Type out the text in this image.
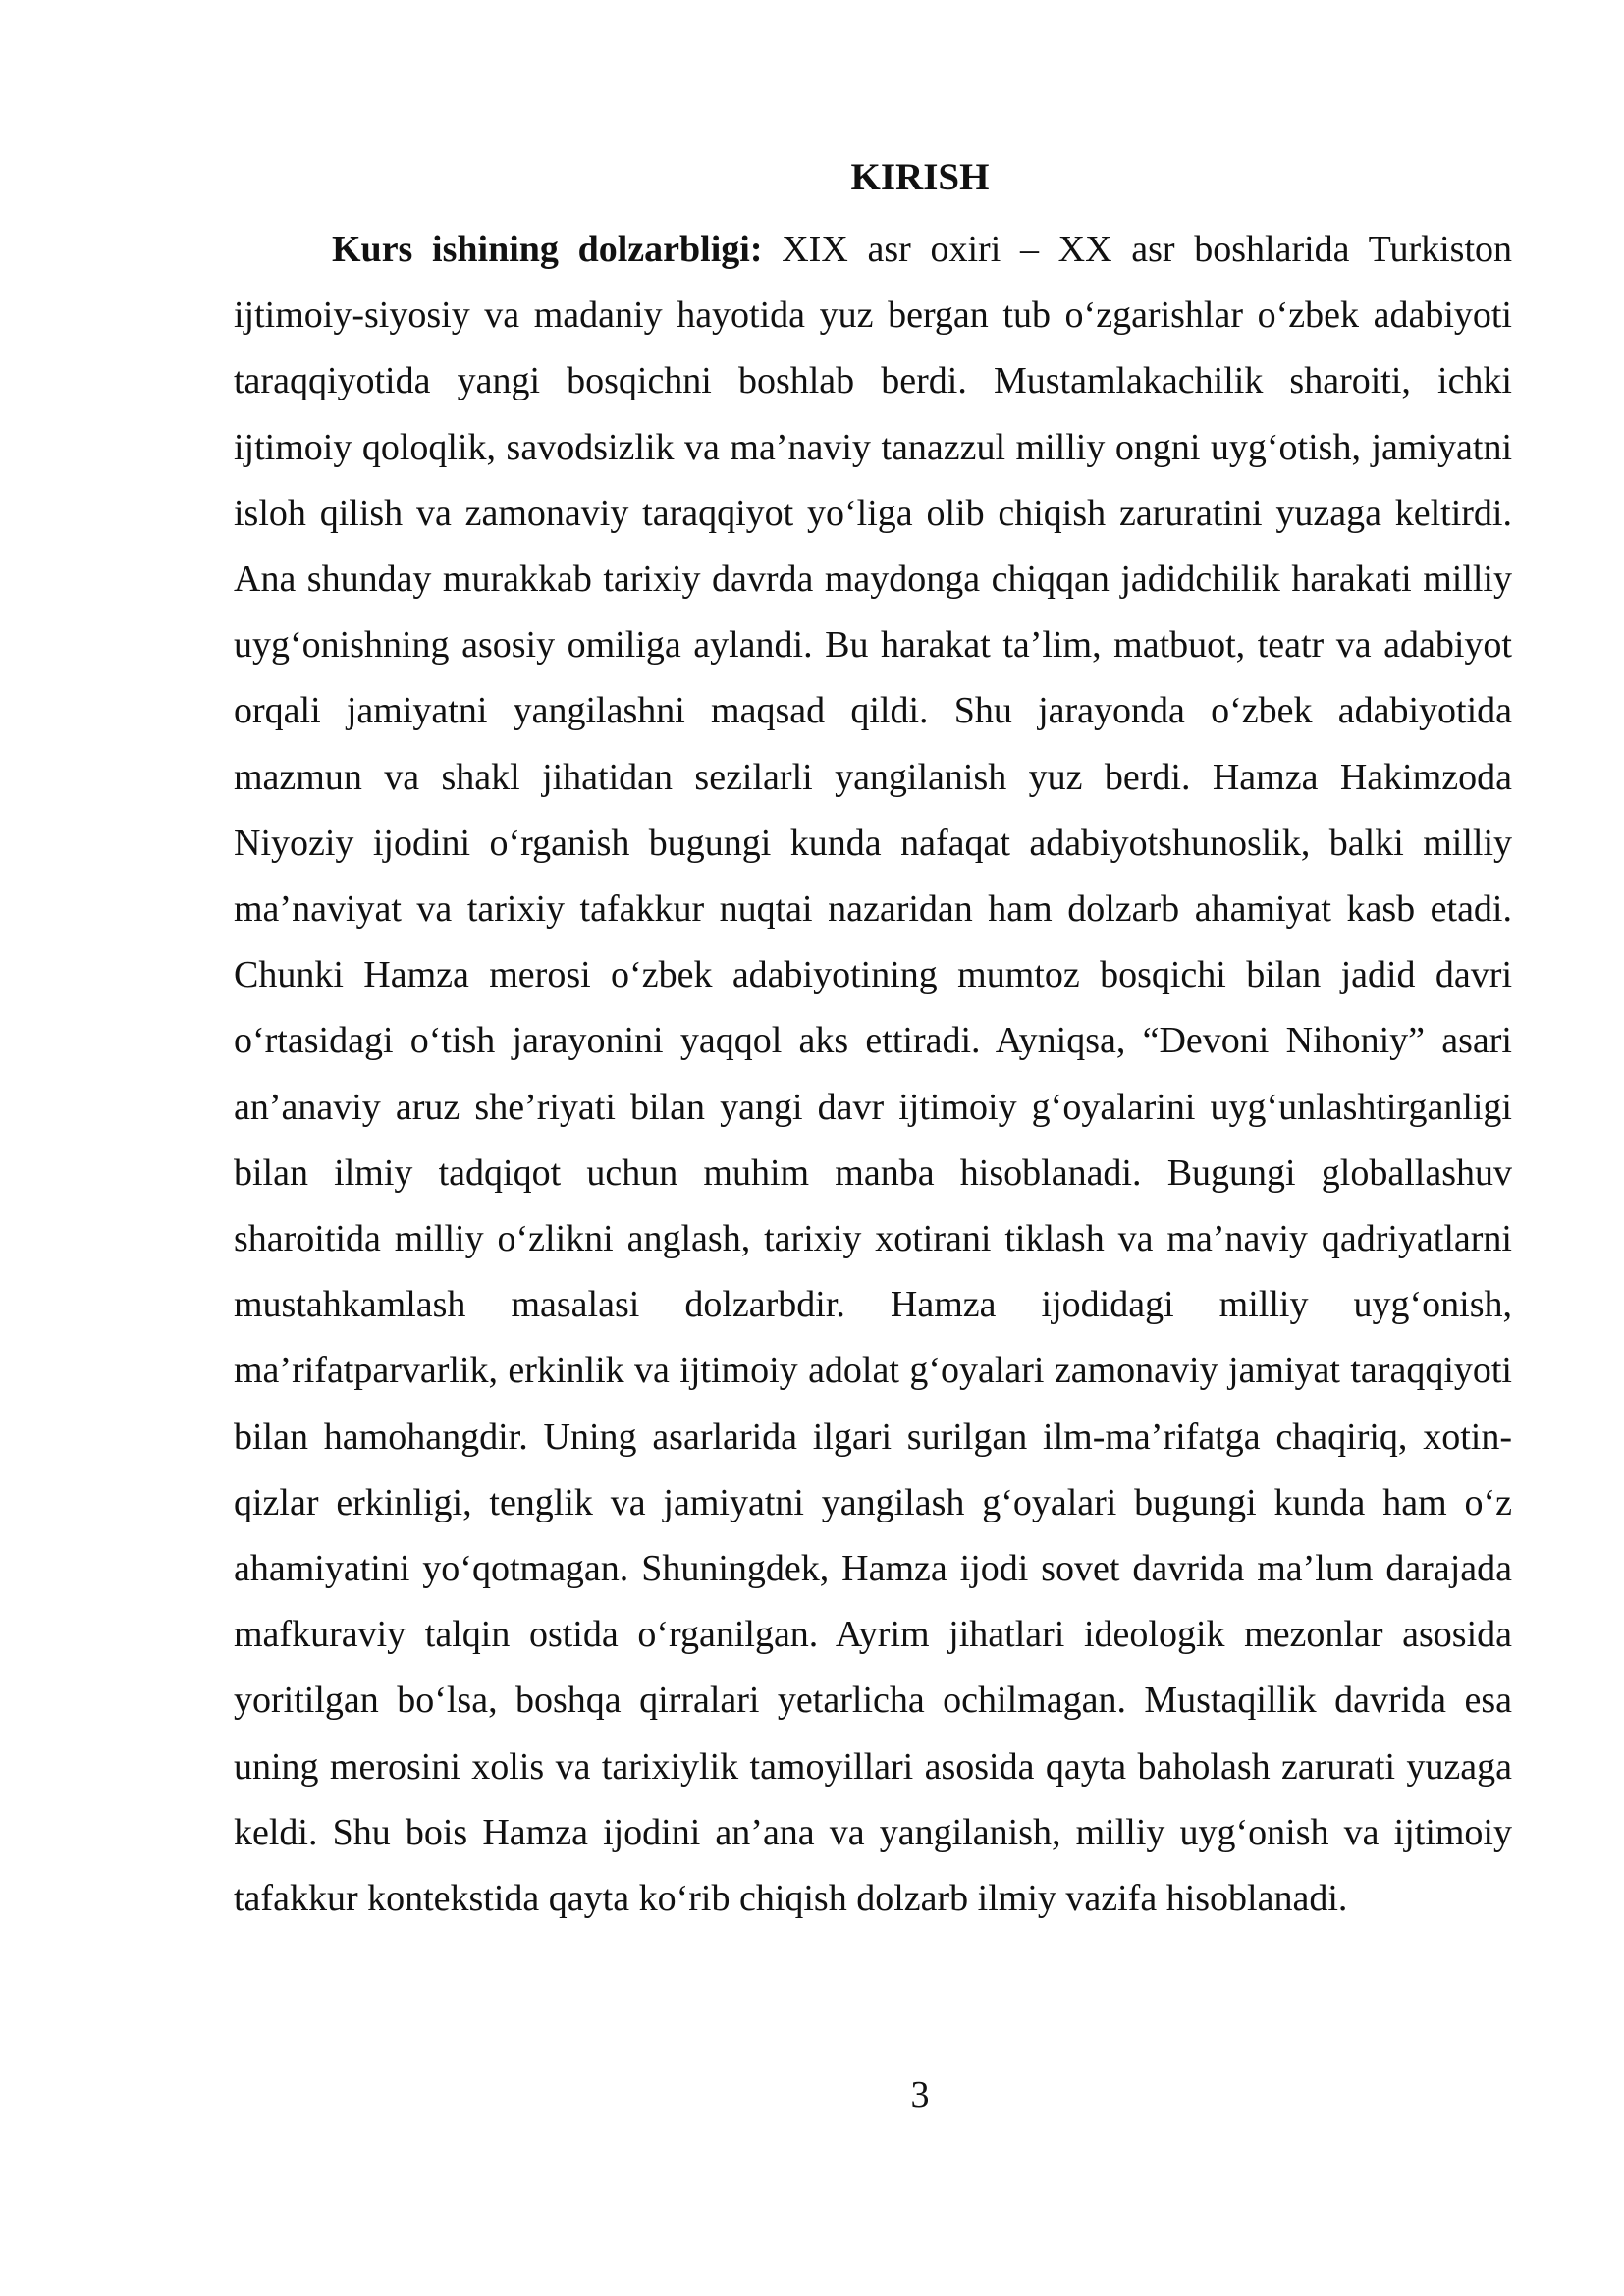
KIRISH

Kurs ishining dolzarbligi: XIX asr oxiri – XX asr boshlarida Turkiston ijtimoiy-siyosiy va madaniy hayotida yuz bergan tub o‘zgarishlar o‘zbek adabiyoti taraqqiyotida yangi bosqichni boshlab berdi. Mustamlakachilik sharoiti, ichki ijtimoiy qoloqlik, savodsizlik va ma’naviy tanazzul milliy ongni uyg‘otish, jamiyatni isloh qilish va zamonaviy taraqqiyot yo‘liga olib chiqish zaruratini yuzaga keltirdi. Ana shunday murakkab tarixiy davrda maydonga chiqqan jadidchilik harakati milliy uyg‘onishning asosiy omiliga aylandi. Bu harakat ta’lim, matbuot, teatr va adabiyot orqali jamiyatni yangilashni maqsad qildi. Shu jarayonda o‘zbek adabiyotida mazmun va shakl jihatidan sezilarli yangilanish yuz berdi. Hamza Hakimzoda Niyoziy ijodini o‘rganish bugungi kunda nafaqat adabiyotshunoslik, balki milliy ma’naviyat va tarixiy tafakkur nuqtai nazaridan ham dolzarb ahamiyat kasb etadi. Chunki Hamza merosi o‘zbek adabiyotining mumtoz bosqichi bilan jadid davri o‘rtasidagi o‘tish jarayonini yaqqol aks ettiradi. Ayniqsa, “Devoni Nihoniy” asari an’anaviy aruz she’riyati bilan yangi davr ijtimoiy g‘oyalarini uyg‘unlashtirganligi bilan ilmiy tadqiqot uchun muhim manba hisoblanadi. Bugungi globallashuv sharoitida milliy o‘zlikni anglash, tarixiy xotirani tiklash va ma’naviy qadriyatlarni mustahkamlash masalasi dolzarbdir. Hamza ijodidagi milliy uyg‘onish, ma’rifatparvarlik, erkinlik va ijtimoiy adolat g‘oyalari zamonaviy jamiyat taraqqiyoti bilan hamohangdir. Uning asarlarida ilgari surilgan ilm-ma’rifatga chaqiriq, xotin-qizlar erkinligi, tenglik va jamiyatni yangilash g‘oyalari bugungi kunda ham o‘z ahamiyatini yo‘qotmagan. Shuningdek, Hamza ijodi sovet davrida ma’lum darajada mafkuraviy talqin ostida o‘rganilgan. Ayrim jihatlari ideologik mezonlar asosida yoritilgan bo‘lsa, boshqa qirralari yetarlicha ochilmagan. Mustaqillik davrida esa uning merosini xolis va tarixiylik tamoyillari asosida qayta baholash zarurati yuzaga keldi. Shu bois Hamza ijodini an’ana va yangilanish, milliy uyg‘onish va ijtimoiy tafakkur kontekstida qayta ko‘rib chiqish dolzarb ilmiy vazifa hisoblanadi.

3
